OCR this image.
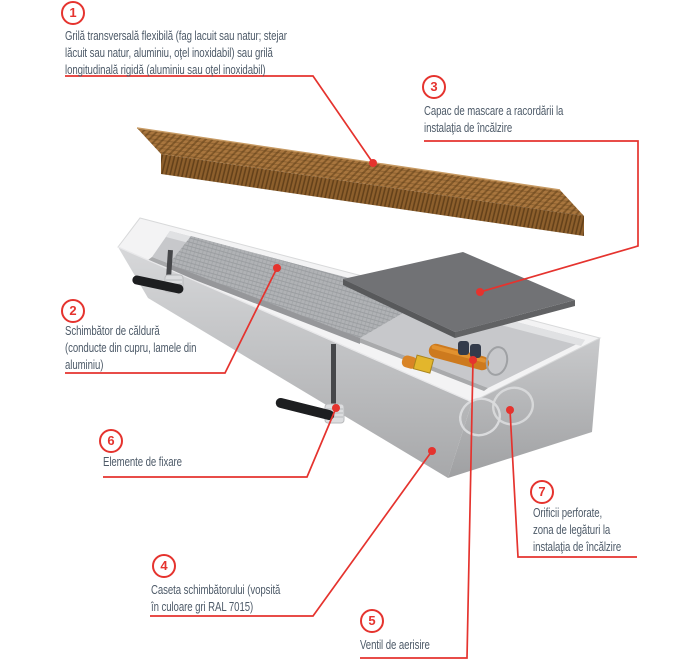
1
Grilă transversală flexibilă (fag lacuit sau natur; stejar
lăcuit sau natur, aluminiu, oţel inoxidabil) sau grilă
longitudinală rigidă (aluminiu sau oţel inoxidabil)
2
Schimbător de căldură
(conducte din cupru, lamele din
aluminiu)
3
Capac de mascare a racordării la
instalaţia de încălzire
4
Caseta schimbătorului (vopsită
în culoare gri RAL 7015)
5
Ventil de aerisire
6
Elemente de fixare
7
Orificii perforate,
zona de legături la
instalaţia de încălzire
